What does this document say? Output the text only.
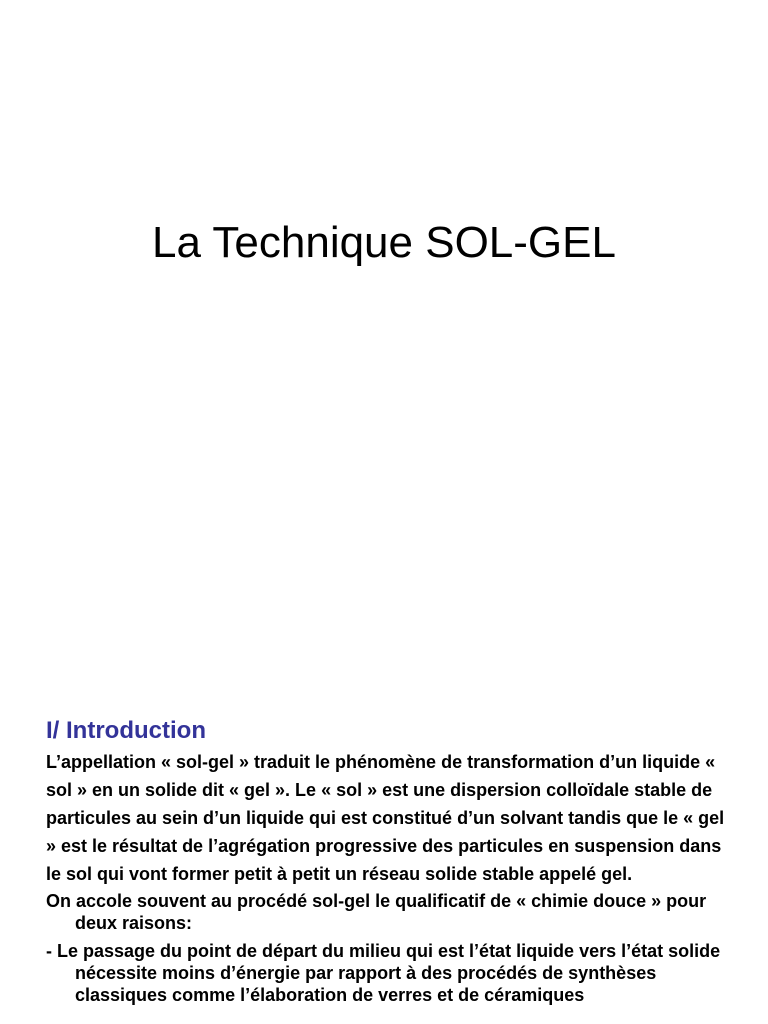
La Technique SOL-GEL
I/ Introduction

L’appellation « sol-gel » traduit le phénomène de transformation d’un liquide « sol » en un solide dit « gel ». Le « sol » est une dispersion colloïdale stable de particules au sein d’un liquide qui est constitué d’un solvant tandis que le « gel » est le résultat de l’agrégation progressive des particules en suspension dans le sol qui vont former petit à petit un réseau solide stable appelé gel.

On accole souvent au procédé sol-gel le qualificatif de « chimie douce » pour deux raisons:

- Le passage du point de départ du milieu qui est l’état liquide vers l’état solide nécessite moins d’énergie par rapport à des procédés de synthèses classiques comme l’élaboration de verres et de céramiques
